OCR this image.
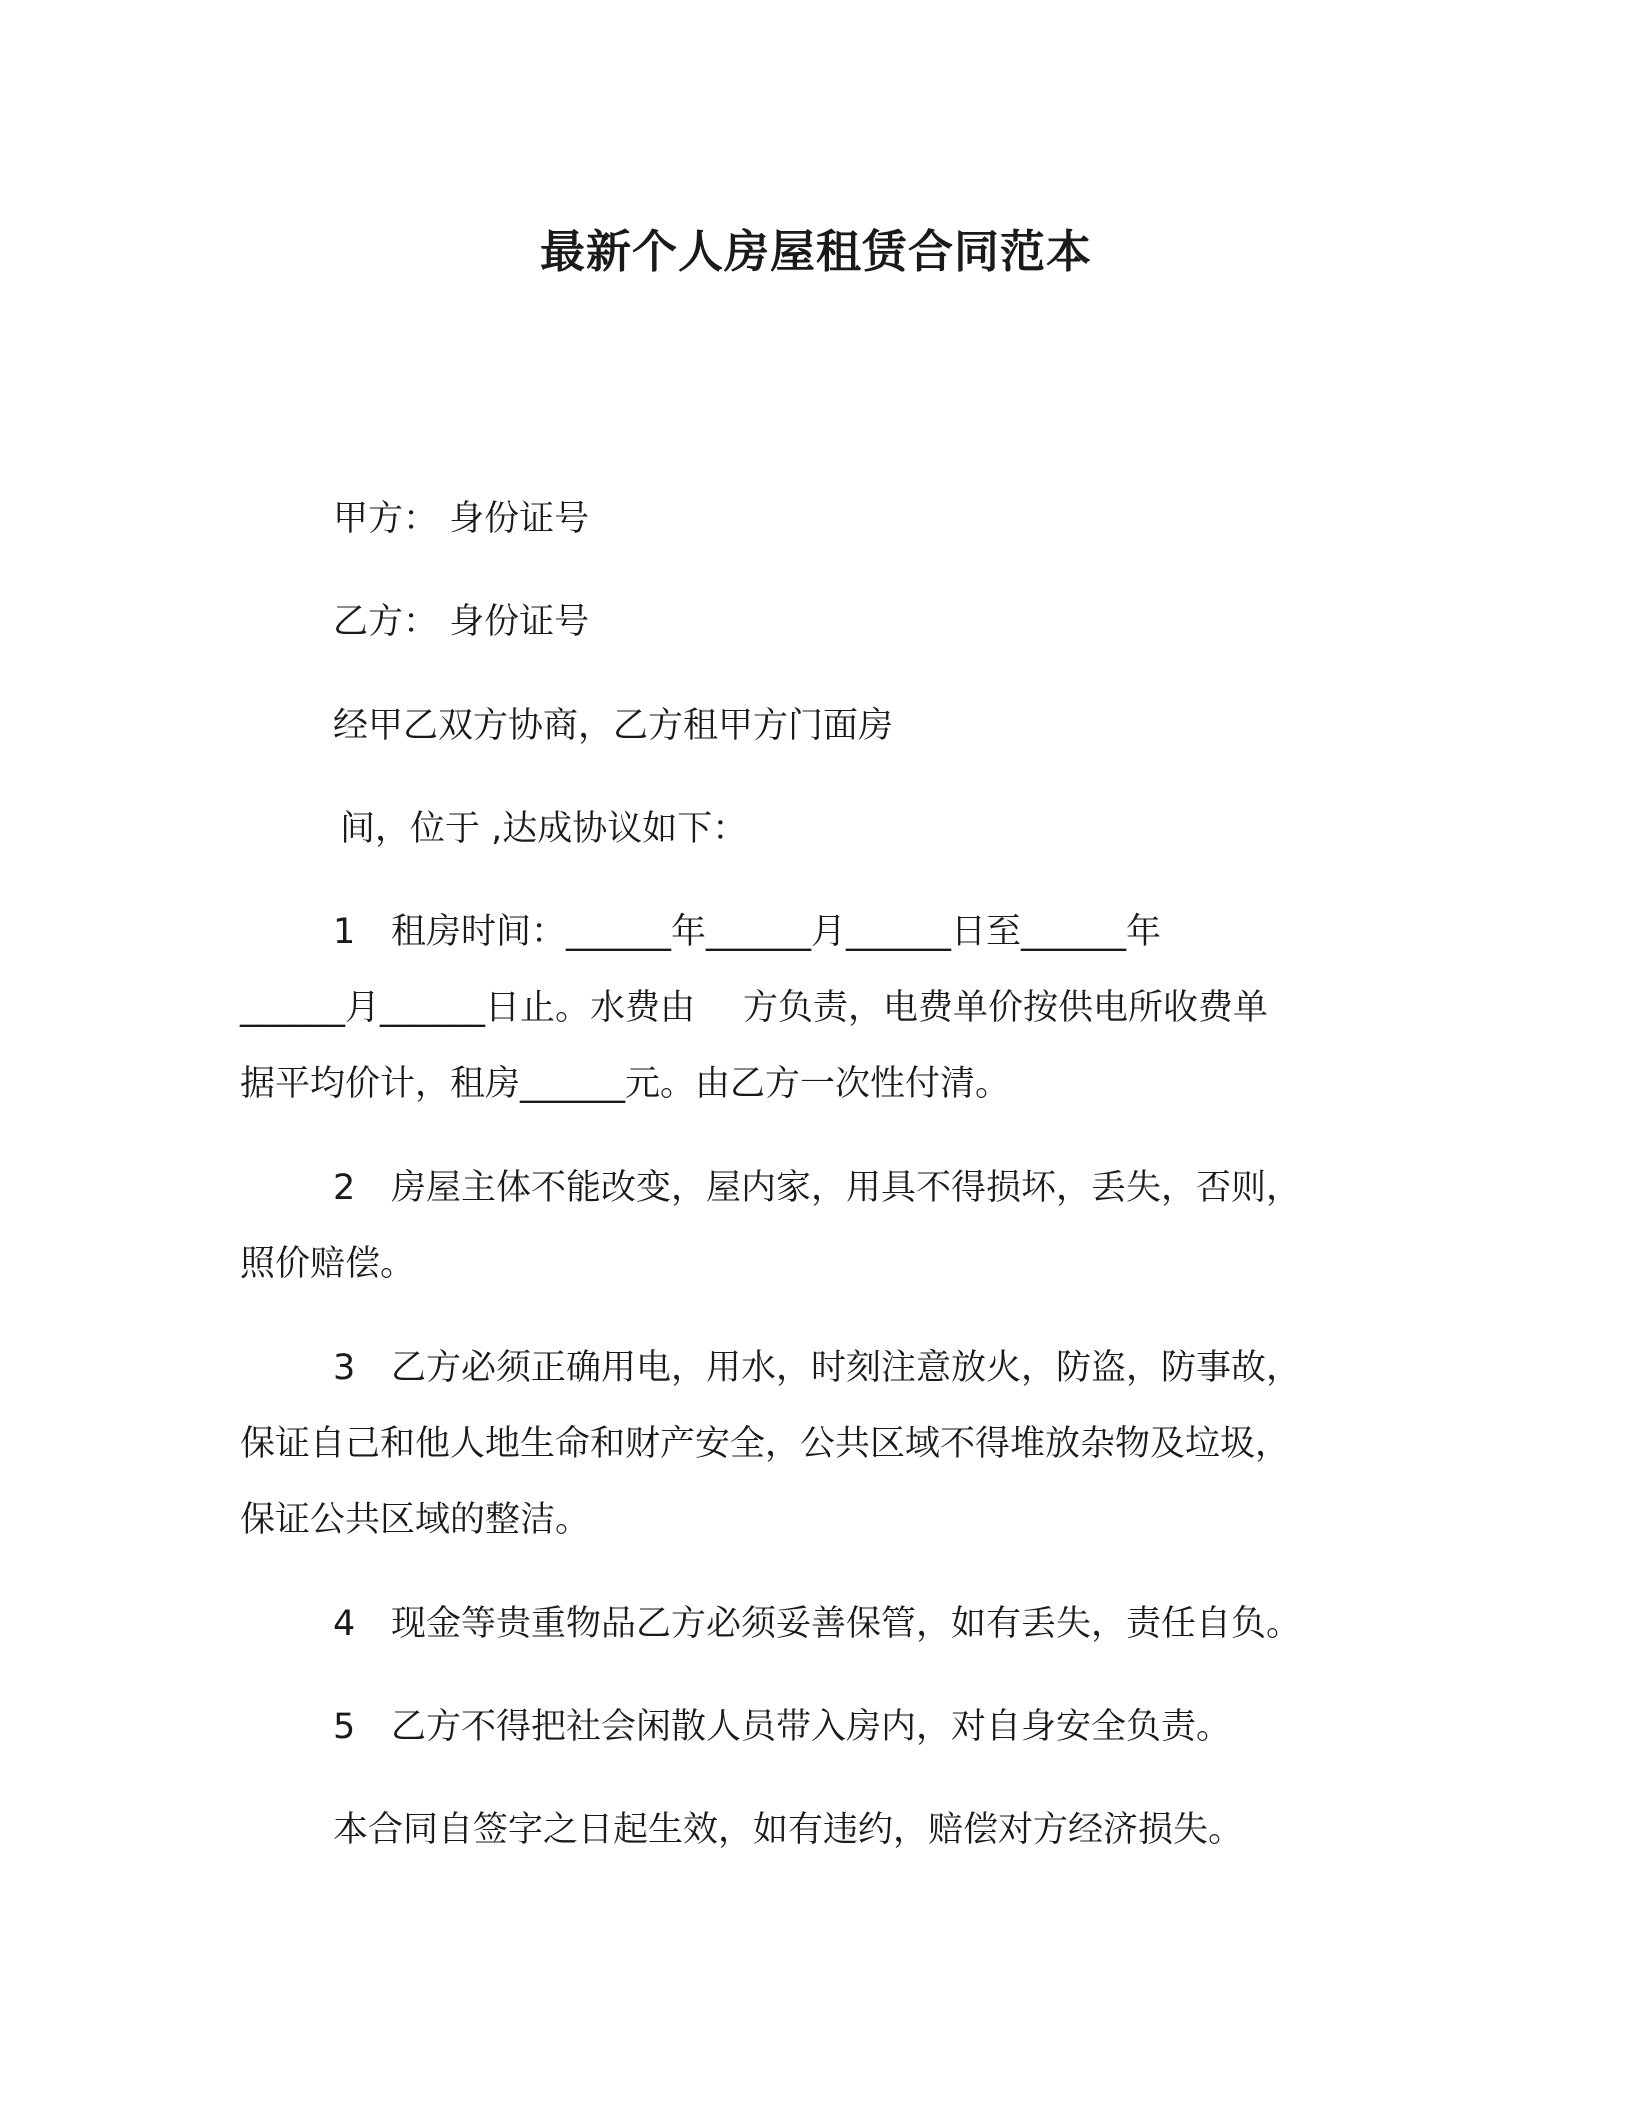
最新个人房屋租赁合同范本
甲方： 身份证号
乙方： 身份证号
经甲乙双方协商，乙方租甲方门面房
间，位于 ,达成协议如下：
1 租房时间：______年______月______日至______年
______月______日止。水费由 方负责，电费单价按供电所收费单
据平均价计，租房______元。由乙方一次性付清。
2 房屋主体不能改变，屋内家，用具不得损坏，丢失，否则，
照价赔偿。
3 乙方必须正确用电，用水，时刻注意放火，防盗，防事故，
保证自己和他人地生命和财产安全，公共区域不得堆放杂物及垃圾，
保证公共区域的整洁。
4 现金等贵重物品乙方必须妥善保管，如有丢失，责任自负。
5 乙方不得把社会闲散人员带入房内，对自身安全负责。
本合同自签字之日起生效，如有违约，赔偿对方经济损失。
